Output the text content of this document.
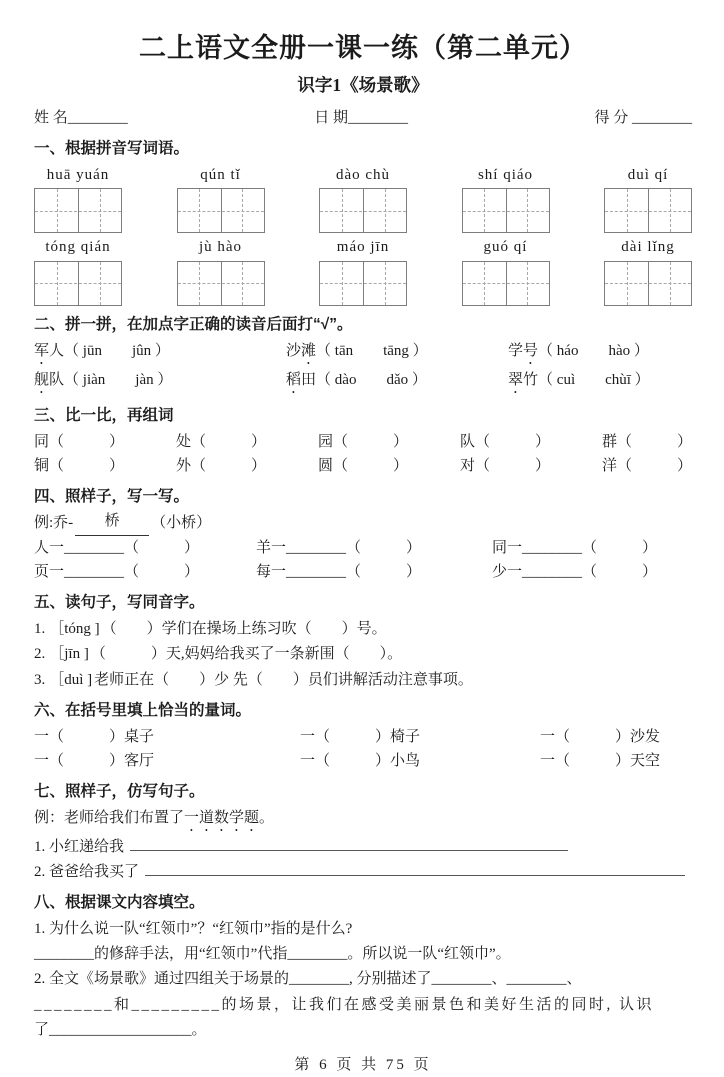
二上语文全册一课一练（第二单元）
识字1《场景歌》
姓 名________	日 期________	得 分 ________
一、根据拼音写词语。
huā yuán	qún tǐ	dào chù	shí qiáo	duì qí
tóng qián	jù hào	máo jīn	guó qí	dài lǐng
二、拼一拼，在加点字正确的读音后面打“√”。
军人（ jūn　　jûn ）	沙滩（ tān　　tāng ）	学号（ háo　　hào ）
舰队（ jiàn　　jàn ）	稻田（ dào　　dǎo ）	翠竹（ cuì　　chùī ）
三、比一比，再组词
同（　　　）	处（　　　）	园（　　　）	队（　　　）	群（　　　）
铜（　　　）	外（　　　）	圆（　　　）	对（　　　）	洋（　　　）
四、照样子，写一写。
例:乔-	桥	（小桥）
人一________（　　　）	羊一________（　　　）	同一________（　　　）
页一________（　　　）	每一________（　　　）	少一________（　　　）
五、读句子，写同音字。
1. ［tóng ] （　　）学们在操场上练习吹（　　）号。
2. ［jīn ] （　　　）天,妈妈给我买了一条新围（　　）。
3. ［duì ] 老师正在（　　）少 先（　　）员们讲解活动注意事项。
六、在括号里填上恰当的量词。
一（　　　）桌子	一（　　　）椅子	一（　　　）沙发
一（　　　）客厅	一（　　　）小鸟	一（　　　）天空
七、照样子，仿写句子。
例：老师给我们布置了 一道数学题 。
1.
小红递给我
2.
爸爸给我买了
八、根据课文内容填空。
1. 为什么说一队“红领巾”？“红领巾”指的是什么?
________的修辞手法，用“红领巾”代指________。所以说一队“红领巾”。
2. 全文《场景歌》通过四组关于场景的________, 分别描述了________、________、
________和_________的场景，让我们在感受美丽景色和美好生活的同时, 认识
了___________________。
第 6 页 共 75 页
